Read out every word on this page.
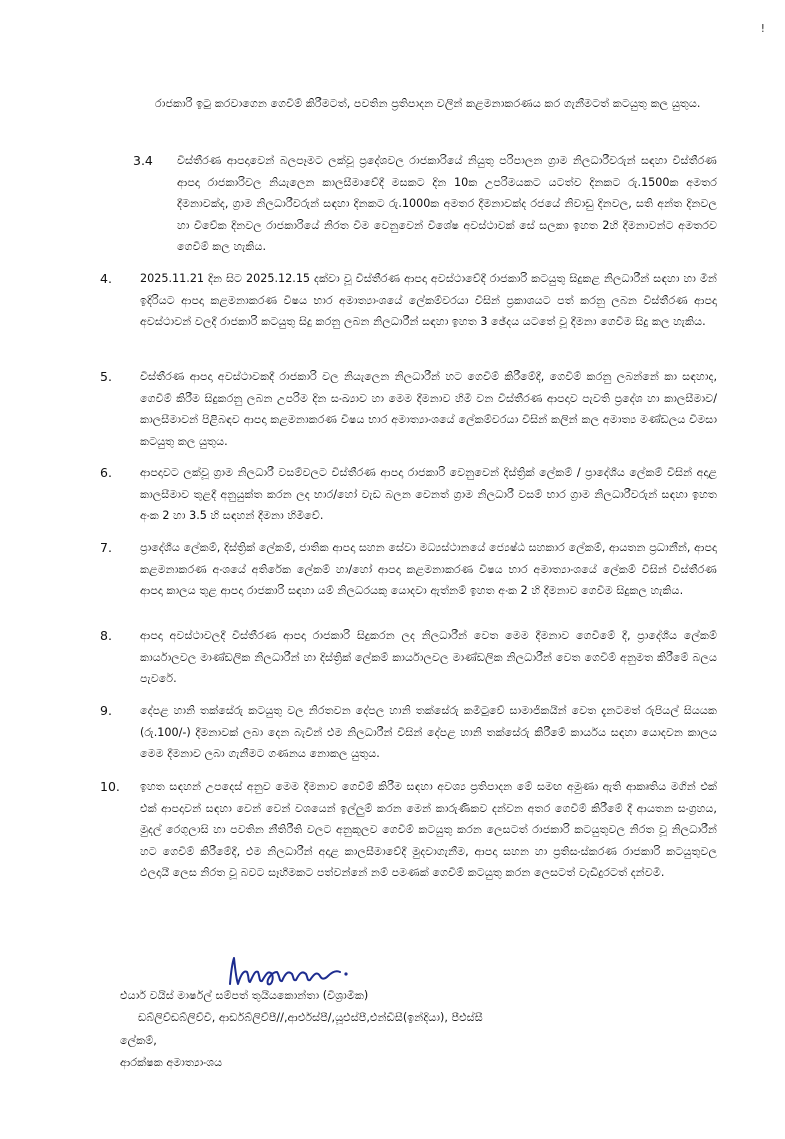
!
රාජකාරි ඉටු කරවාගෙන ගෙවීම් කිරීමටත්, පවතින ප්‍රතිපාදන වලින් කළමනාකරණය කර ගැනීමටත් කටයුතු කල යුතුය.
3.4 විස්තීරණ ආපදාවෙන් බලපෑමට ලක්වූ ප්‍රදේශවල රාජකාරියේ නියුතු පරිපාලන ග්‍රාම නිලධාරීවරුන් සඳහා විස්තීරණ ආපදා රාජකාරිවල නියැලෙන කාලසීමාවේදී මසකට දින 10ක උපරිමයකට යටත්ව දිනකට රු.1500ක අමතර දීමනාවක්ද, ග්‍රාම නිලධාරීවරුන් සඳහා දිනකට රු.1000ක අමතර දීමනාවක්ද රජයේ නිවාඩු දිනවල, සති අන්ත දිනවල හා විවේක දිනවල රාජකාරියේ නිරත වීම වෙනුවෙන් විශේෂ අවස්ථාවක් සේ සලකා ඉහත 2හි දීමනාවන්ට අමතරව ගෙවීම් කල හැකිය.
4.	2025.11.21 දින සිට 2025.12.15 දක්වා වූ විස්තීරණ ආපදා අවස්ථාවේදී රාජකාරි කටයුතු සිදුකළ නිලධාරීන් සඳහා හා මින් ඉදිරියට ආපදා කළමනාකරණ විෂය භාර අමාත්‍යාංශයේ ලේකම්වරයා විසින් ප්‍රකාශයට පත් කරනු ලබන විස්තීරණ ආපදා අවස්ථාවන් වලදී රාජකාරි කටයුතු සිදු කරනු ලබන නිලධාරීන් සඳහා ඉහත 3 ඡේදය යටතේ වූ දීමනා ගෙවීම සිදු කල හැකිය.
5.	විස්තීරණ ආපදා අවස්ථාවකදී රාජකාරි වල නියැලෙන නිලධාරීන් හට ගෙවීම් කිරීමේදී, ගෙවීම් කරනු ලබන්නේ කා සඳහාද, ගෙවීම් කිරීම සිදුකරනු ලබන උපරිම දින සංඛ්‍යාව හා මෙම දීමනාව හිමි වන විස්තීරණ ආපදාව පැවති ප්‍රදේශ හා කාලසීමාව/ කාලසීමාවන් පිළිබඳව ආපදා කළමනාකරණ විෂය භාර අමාත්‍යාංශයේ ලේකම්වරයා විසින් කලින් කල අමාත්‍ය මණ්ඩලය විමසා කටයුතු කල යුතුය.
6.	ආපදාවට ලක්වූ ග්‍රාම නිලධාරී වසම්වලට විස්තීරණ ආපදා රාජකාරි වෙනුවෙන් දිස්ත්‍රික් ලේකම් / ප්‍රාදේශීය ලේකම් විසින් අදාළ කාලසීමාව තුළදී අනුයුක්ත කරන ලද භාර/හෝ වැඩ බලන වෙනත් ග්‍රාම නිලධාරී වසම් භාර ග්‍රාම නිලධාරීවරුන් සඳහා ඉහත අංක 2 හා 3.5 හි සඳහන් දීමනා හිමිවේ.
7.	ප්‍රාදේශීය ලේකම්, දිස්ත්‍රික් ලේකම්, ජාතික ආපදා සහන සේවා මධ්‍යස්ථානයේ ජ්‍යෙෂ්ඨ සහකාර ලේකම්, ආයතන ප්‍රධානීන්, ආපදා කළමනාකරණ අංශයේ අතිරේක ලේකම් හා/හෝ ආපදා කළමනාකරණ විෂය භාර අමාත්‍යාංශයේ ලේකම් විසින් විස්තීරණ ආපදා කාලය තුළ ආපදා රාජකාරි සඳහා යම් නිලධරයකු යොදවා ඇත්නම් ඉහත අංක 2 හි දීමනාව ගෙවීම සිදුකල හැකිය.
8.	ආපදා අවස්ථාවලදී විස්තීරණ ආපදා රාජකාරි සිදුකරන ලද නිලධාරීන් වෙත මෙම දීමනාව ගෙවීමේ දී, ප්‍රාදේශීය ලේකම් කාර්යාලවල මාණ්ඩලික නිලධාරීන් හා දිස්ත්‍රික් ලේකම් කාර්යාලවල මාණ්ඩලික නිලධාරීන් වෙත ගෙවීම් අනුමත කිරීමේ බලය පැවරේ.
9.	දේපළ හානි තක්සේරු කටයුතු වල නිරතවන දේපල හානි තක්සේරු කමිටුවේ සාමාජිකයින් වෙත දැනටමත් රුපියල් සියයක (රු.100/-) දීමනාවක් ලබා දෙන බැවින් එම නිලධාරීන් විසින් දේපළ හානි තක්සේරු කිරීමේ කාර්යය සඳහා යොදවන කාලය මෙම දීමනාව ලබා ගැනීමට ගණනය නොකල යුතුය.
10. ඉහත සඳහන් උපදෙස් අනුව මෙම දීමනාව ගෙවීම් කිරීම සඳහා අවශ්‍ය ප්‍රතිපාදන මේ සමඟ අමුණා ඇති ආකෘතිය මගින් එක් එක් ආපදාවන් සඳහා වෙන් වෙන් වශයෙන් ඉල්ලුම් කරන මෙන් කාරුණිකව දන්වන අතර ගෙවීම් කිරීමේ දී ආයතන සංග්‍රහය, මුදල් රෙගුලාසි හා පවතින නීතිරීති වලට අනුකූලව ගෙවීම් කටයුතු කරන ලෙසටත් රාජකාරි කටයුතුවල නිරත වූ නිලධාරීන් හට ගෙවීම් කිරීමේදී, එම නිලධාරීන් අදාළ කාලසීමාවේදී මුදවාගැනීම, ආපදා සහන හා ප්‍රතිසංස්කරණ රාජකාරි කටයුතුවල ඵලදායී ලෙස නිරත වූ බවට සෑහීමකට පත්වන්නේ නම් පමණක් ගෙවීම් කටයුතු කරන ලෙසටත් වැඩිදුරටත් දන්වමි.
එයාර් වයිස් මාර්ෂල් සම්පත් තුයියකොන්තා (විශ්‍රාමික)
ඩබ්ලිව්ඩබ්ලිව්වී, ආර්ඩබ්ලිව්පී//,ආර්එස්පී/,යූඑස්පී,එන්ඩීසී(ඉන්දියා), පීඑස්සී
ලේකම්,
ආරක්ෂක අමාත්‍යාංශය
